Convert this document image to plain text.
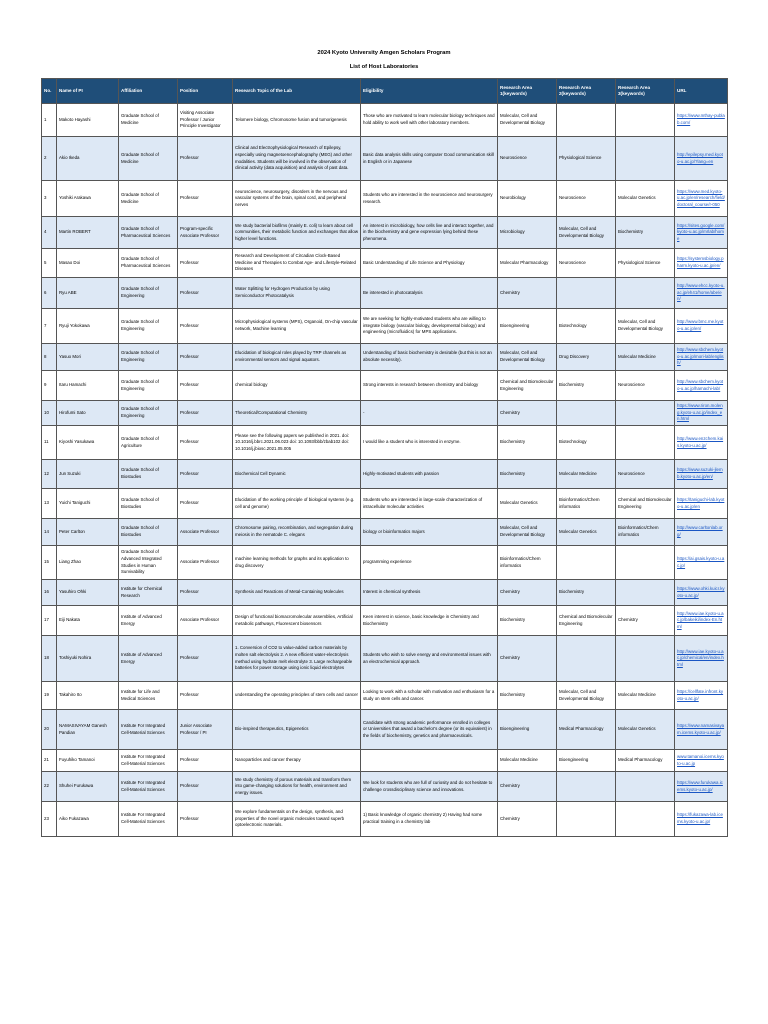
2024 Kyoto University Amgen Scholars Program
List of Host Laboratories
No.	Name of PI	Affiliation	Position	Research Topic of the Lab	Eligibility	Research Area 1(keywords)	Research Area 2(keywords)	Research Area 3(keywords)	URL
1	Makoto Hayashi	Graduate School of Medicine	Visiting Associate Professor / Junior Principle Investigator	Telomere biology, Chromosome fusion and tumorigenesis	Those who are motivated to learn molecular biology techniques and hold ability to work well with other laboratory members.	Molecular, Cell and Developmental Biology			https://www.mthay-publab.com/
2	Akio Ikeda	Graduate School of Medicine	Professor	Clinical and Electrophysiological Research of Epilepsy, especially using magnetoencephalography (MEG) and other modalities. Students will be involved in the observation of clinical activity (data acquisition) and analysis of past data.	Basic data analysis skills using computer Good communication skill in English or in Japanese	Neuroscience	Physiological Science		http://epilepsy.med.kyoto-u.ac.jp/?lang=en
3	Yoshiki Arakawa	Graduate School of Medicine	Professor	neuroscience, neurosurgery, disorders in the nervous and vascular systems of the brain, spinal cord, and peripheral nerves	Students who are interested in the neuroscience and neurosurgery research.	Neurobiology	Neuroscience	Molecular Genetics	https://www.med.kyoto-u.ac.jp/en/research/field/doctoral_course/r-050
4	Martin ROBERT	Graduate School of Pharmaceutical Sciences	Program-specific Associate Professor	We study bacterial biofilms (mainly E. coli) to learn about cell communities, their metabolic function and exchanges that allow higher level functions.	An interest in microbiology, how cells live and interact together, and in the biochemistry and gene expression lying behind these phenomena.	Microbiology	Molecular, Cell and Developmental Biology	Biochemistry	https://sites.google.com/kyoto-u.ac.jp/mrlab/home
5	Masao Doi	Graduate School of Pharmaceutical Sciences	Professor	Research and Development of Circadian Clock-Based Medicine and Therapies to Combat Age- and Lifestyle-Related Diseases	Basic Understanding of Life Science and Physiology	Molecular Pharmacology	Neuroscience	Physiological Science	https://systemsbiology.pharm.kyoto-u.ac.jp/en/
6	Ryu ABE	Graduate School of Engineering	Professor	Water Splitting for Hydrogen Production by using Semiconductor Photocatalysis	Be interested in photocatalysis	Chemistry			http://www.ehcc.kyoto-u.ac.jp/eh41/home/abe/en/
7	Ryuji Yokokawa	Graduate School of Engineering	Professor	Microphysiological systems (MPS), Organoid, On-chip vascular network, Machine learning	We are seeking for highly-motivated students who are willing to integrate biology (vascular biology, developmental biology) and engineering (microfluidics) for MPS applications.	Bioengineering	Biotechnology	Molecular, Cell and Developmental Biology	http://www.bmc.me.kyoto-u.ac.jp/en/
8	Yasuo Mori	Graduate School of Engineering	Professor	Elucidation of biological roles played by TRP channels as environmental sensors and signal aquators.	Understanding of basic biochemistry is desirable (but this is not an absolute necessity).	Molecular, Cell and Developmental Biology	Drug Discovery	Molecular Medicine	http://www.sbchem.kyoto-u.ac.jp/mori-lab/english/
9	Itaru Hamachi	Graduate School of Engineering	Professor	chemical biology	Strong interests in research between chemistry and biology	Chemical and Biomolecular Engineering	Biochemistry	Neuroscience	http://www.sbchem.kyoto-u.ac.jp/hamachi-lab/
10	Hirofumi Sato	Graduate School of Engineering	Professor	Theoretical/Computational Chemistry	-	Chemistry			https://www.riron.moleng.kyoto-u.ac.jp/index_en.html
11	Kiyoshi Yasukawa	Graduate School of Agriculture	Professor	Please see the following papers we published in 2021. doi: 10.1016/j.bbrc.2021.06.023 doi: 10.1093/bbb/zbab102 doi: 10.1016/j.jbiosc.2021.05.005	I would like a student who is interested in enzyme.	Biochemistry	Biotechnology		http://www.enzchem.kais.kyoto-u.ac.jp/
12	Jun Suzuki	Graduate School of Biostudies	Professor	Biochemical Cell Dynamic	Highly-motivated students with passion	Biochemistry	Molecular Medicine	Neuroscience	https://www.suzuki-jlemb.kyoto-u.ac.jp/en/
13	Yuichi Taniguchi	Graduate School of Biostudies	Professor	Elucidation of the working principle of biological systems (e.g. cell and genome)	Students who are interested in large-scale characterization of intracellular molecular activities	Molecular Genetics	Bioinformatics/Chem informatics	Chemical and Biomolecular Engineering	https://taniguchi-lab.kyoto-u.ac.jp/en
14	Peter Carlton	Graduate School of Biostudies	Associate Professor	Chromosome pairing, recombination, and segregation during meiosis in the nematode C. elegans	biology or bioinformatics majors	Molecular, Cell and Developmental Biology	Molecular Genetics	Bioinformatics/Chem informatics	http://www.carltonlab.org/
15	Liang Zhao	Graduate School of Advanced Integrated Studies in Human Survivability	Associate Professor	machine learning methods for graphs and its application to drug discovery	programming experience	Bioinformatics/Chem informatics			https://ai.gsais.kyoto-u.ac.jp/
16	Yasuhiro Ohki	Institute for Chemical Research	Professor	Synthesis and Reactions of Metal-Containing Molecules	Interest in chemical synthesis	Chemistry	Biochemistry		https://www.ohki.kuicr.kyoto-u.ac.jp/
17	Eiji Nakata	Institute of Advanced Energy	Associate Professor	Design of functional biomacromolecular assemblies, Artificial metabolic pathways, Fluorescent biosensors	Keen interest in science, basic knowledge in Chemistry and Biochemistry	Biochemistry	Chemical and Biomolecular Engineering	Chemistry	http://www.iae.kyoto-u.ac.jp/bakeiki/index-En.html
18	Toshiyuki Nohira	Institute of Advanced Energy	Professor	1. Conversion of CO2 to value-added carbon materials by molten salt electrolysis 2. A new efficient water-electrolysis method using hydrate melt electrolyte 3. Large rechargeable batteries for power storage using ionic liquid electrolytes	Students who wish to solve energy and environmental issues with an electrochemical approach.	Chemistry			http://www.iae.kyoto-u.ac.jp/chemical/en/index.html
19	Takahiro Ito	Institute for Life and Medical Sciences	Professor	understanding the operating principles of stem cells and cancer	Looking to work with a scholar with motivation and enthusiasm for a study on stem cells and cancer.	Biochemistry	Molecular, Cell and Developmental Biology	Molecular Medicine	https://cellfate.infront.kyoto-u.ac.jp/
20	NAMASIVAYAM Ganesh Pandian	Institute For Integrated Cell-Material Sciences	Junior Associate Professor / PI	Bio-inspired therapeutics, Epigenetics	Candidate with strong academic performance enrolled in colleges or Universities that award a bachelor's degree (or its equivalent) in the fields of biochemistry, genetics and pharmaceuticals.	Bioengineering	Medical Pharmacology	Molecular Genetics	https://www.namasivayam.icems.kyoto-u.ac.jp/
21	Fuyuhiko Tamanoi	Institute For Integrated Cell-Material Sciences	Professor	Nanoparticles and cancer therapy		Molecular Medicine	Bioengineering	Medical Pharmacology	www.tamanoi.icems.kyoto-u.ac.jp
22	Shuhei Furukawa	Institute For Integrated Cell-Material Sciences	Professor	We study chemistry of porous materials and transform them into game-changing solutions for health, environment and energy issues.	We look for students who are full of curiosity and do not hesitate to challenge crossdisciplinary science and innovations.	Chemistry			https://www.furukawa.icems.kyoto-u.ac.jp/
23	Aiko Fukazawa	Institute For Integrated Cell-Material Sciences	Professor	We explore fundamentals on the design, synthesis, and properties of the novel organic molecules toward superb optoelectronic materials.	1) Basic knowledge of organic chemistry 2) Having had some practical training in a chemistry lab	Chemistry			https://fukazawa-lab.icems.kyoto-u.ac.jp/
